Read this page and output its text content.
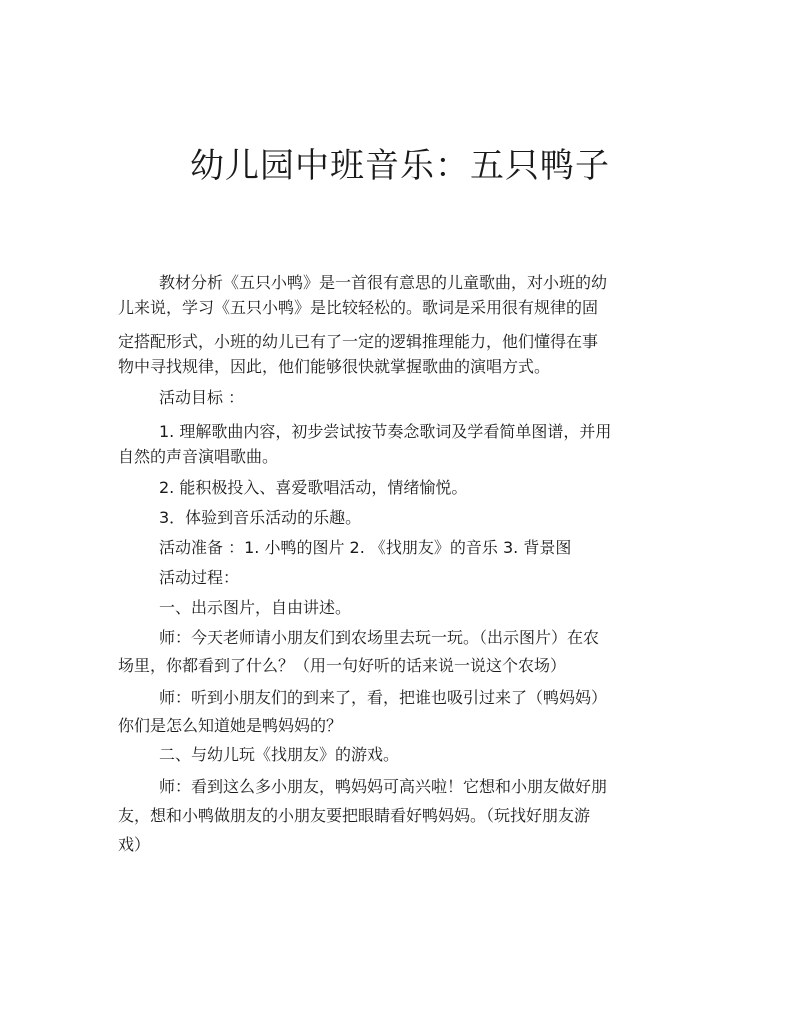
幼儿园中班音乐：五只鸭子
教材分析《五只小鸭》是一首很有意思的儿童歌曲，对小班的幼
儿来说，学习《五只小鸭》是比较轻松的。歌词是采用很有规律的固
定搭配形式，小班的幼儿已有了一定的逻辑推理能力，他们懂得在事
物中寻找规律，因此，他们能够很快就掌握歌曲的演唱方式。
活动目标 ：
1. 理解歌曲内容，初步尝试按节奏念歌词及学看简单图谱，并用
自然的声音演唱歌曲。
2. 能积极投入、喜爱歌唱活动，情绪愉悦。
3．体验到音乐活动的乐趣。
活动准备 ：1. 小鸭的图片 2. 《找朋友》的音乐 3. 背景图
活动过程：
一、出示图片，自由讲述。
师：今天老师请小朋友们到农场里去玩一玩。（出示图片）在农
场里，你都看到了什么？（用一句好听的话来说一说这个农场）
师：听到小朋友们的到来了，看，把谁也吸引过来了（鸭妈妈）
你们是怎么知道她是鸭妈妈的？
二、与幼儿玩《找朋友》的游戏。
师：看到这么多小朋友，鸭妈妈可高兴啦！它想和小朋友做好朋
友，想和小鸭做朋友的小朋友要把眼睛看好鸭妈妈。（玩找好朋友游
戏）
